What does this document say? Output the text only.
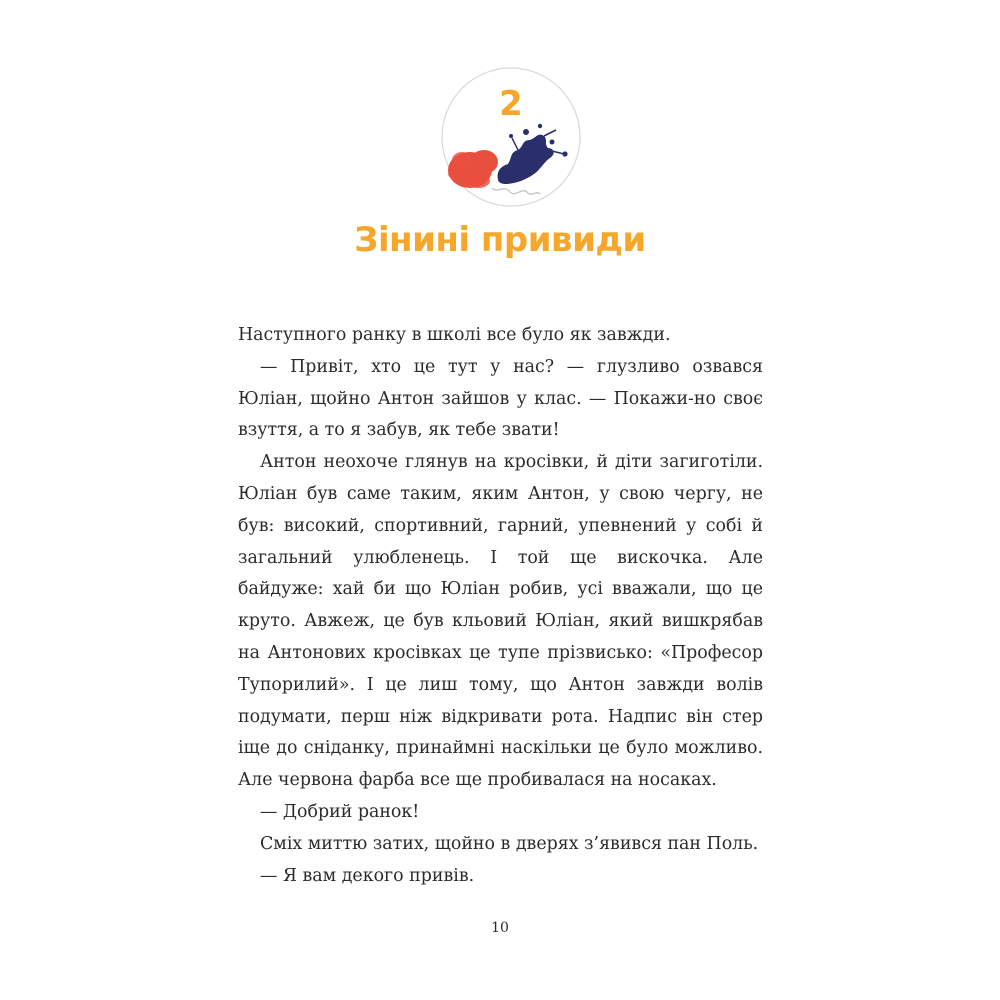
2
Зінині привиди

Наступного ранку в школі все було як завжди.

— Привіт, хто це тут у нас? — глузливо озвався Юліан, щойно Антон зайшов у клас. — Покажи-но своє взуття, а то я забув, як тебе звати!

Антон неохоче глянув на кросівки, й діти загиготіли. Юліан був саме таким, яким Антон, у свою чергу, не був: високий, спортивний, гарний, упевнений у собі й загальний улюбленець. І той ще вискочка. Але байдуже: хай би що Юліан робив, усі вважали, що це круто. Авжеж, це був кльовий Юліан, який вишкрябав на Антонових кросівках це тупе прізвисько: «Професор Тупорилий». І це лиш тому, що Антон завжди волів подумати, перш ніж відкривати рота. Надпис він стер іще до сніданку, принаймні наскільки це було можливо. Але червона фарба все ще пробивалася на носаках.

— Добрий ранок!

Сміх миттю затих, щойно в дверях з’явився пан Поль.

— Я вам декого привів.

10
